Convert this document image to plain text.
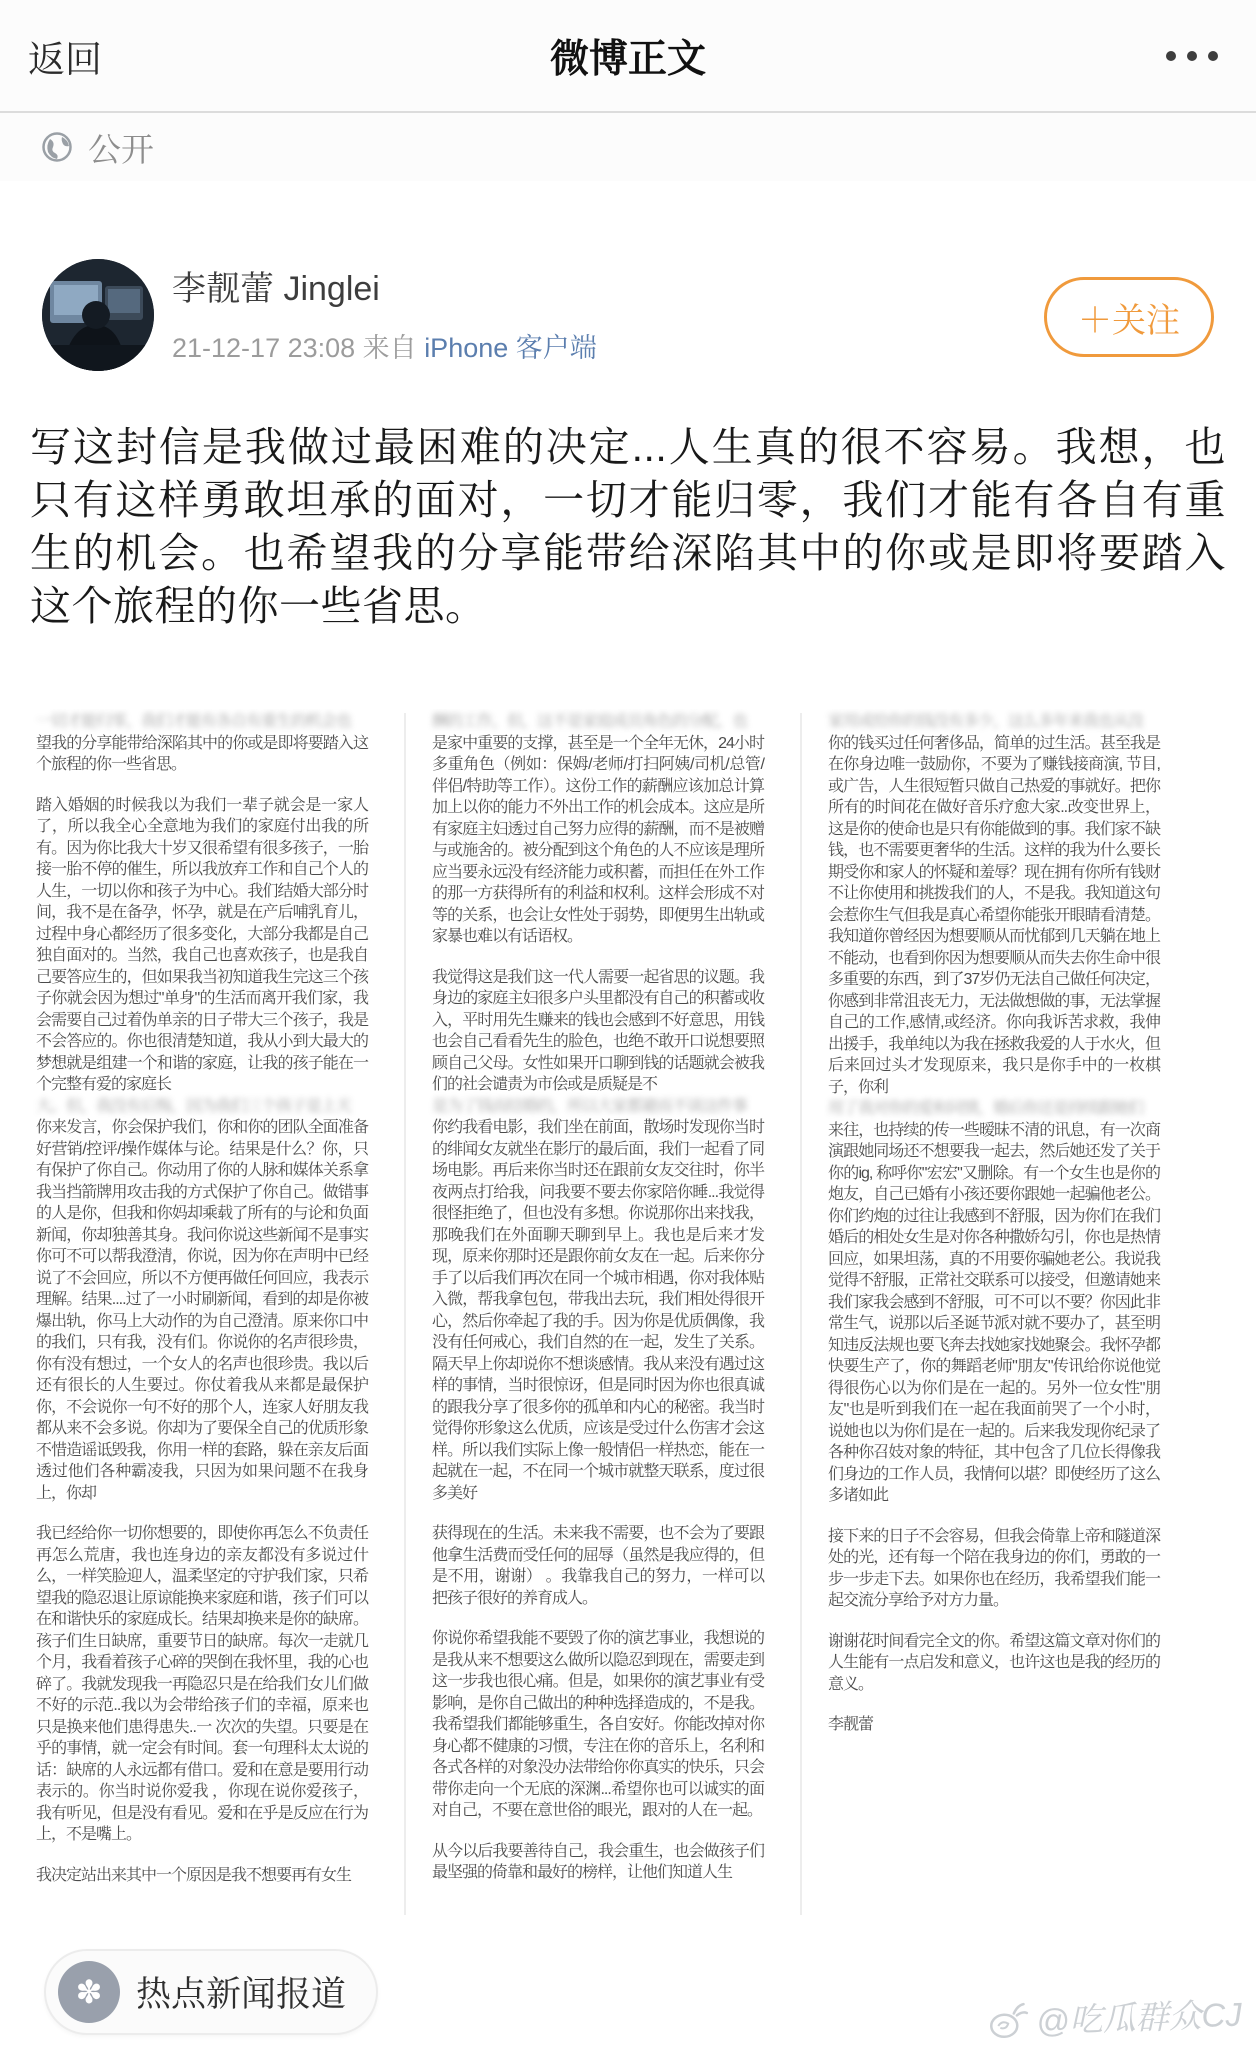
返回	微博正文
公开
李靓蕾 Jinglei
21-12-17 23:08 来自 iPhone 客户端
＋关注
写这封信是我做过最困难的决定...人生真的很不容易。我想，也只有这样勇敢坦承的面对，一切才能归零，我们才能有各自有重生的机会。也希望我的分享能带给深陷其中的你或是即将要踏入这个旅程的你一些省思。

一切才能归零，我们才能有各自有重生的机会也
望我的分享能带给深陷其中的你或是即将要踏入这个旅程的你一些省思。

踏入婚姻的时候我以为我们一辈子就会是一家人了，所以我全心全意地为我们的家庭付出我的所有。因为你比我大十岁又很希望有很多孩子，一胎接一胎不停的催生，所以我放弃工作和自己个人的人生，一切以你和孩子为中心。我们结婚大部分时间，我不是在备孕，怀孕，就是在产后哺乳育儿，过程中身心都经历了很多变化，大部分我都是自己独自面对的。当然，我自己也喜欢孩子，也是我自己要答应生的，但如果我当初知道我生完这三个孩子你就会因为想过"单身"的生活而离开我们家，我会需要自己过着伪单亲的日子带大三个孩子，我是不会答应的。你也很清楚知道，我从小到大最大的梦想就是组建一个和谐的家庭，让我的孩子能在一个完整有爱的家庭长
大。但，我没有后悔，因为我们三个孩子是上天

你来发言，你会保护我们，你和你的团队全面准备好营销/控评/操作媒体与论。结果是什么？你，只有保护了你自己。你动用了你的人脉和媒体关系拿我当挡箭牌用攻击我的方式保护了你自己。做错事的人是你，但我和你妈却乘载了所有的与论和负面新闻，你却独善其身。我问你说这些新闻不是事实你可不可以帮我澄清，你说，因为你在声明中已经说了不会回应，所以不方便再做任何回应，我表示理解。结果....过了一小时刷新闻，看到的却是你被爆出轨，你马上大动作的为自己澄清。原来你口中的我们，只有我，没有们。你说你的名声很珍贵，你有没有想过，一个女人的名声也很珍贵。我以后还有很长的人生要过。你仗着我从来都是最保护你，不会说你一句不好的那个人，连家人好朋友我都从来不会多说。你却为了要保全自己的优质形象不惜造谣诋毁我，你用一样的套路，躲在亲友后面透过他们各种霸凌我，只因为如果问题不在我身上，你却

我已经给你一切你想要的，即使你再怎么不负责任再怎么荒唐，我也连身边的亲友都没有多说过什么，一样笑脸迎人，温柔坚定的守护我们家，只希望我的隐忍退让原谅能换来家庭和谐，孩子们可以在和谐快乐的家庭成长。结果却换来是你的缺席。孩子们生日缺席，重要节日的缺席。每次一走就几个月，我看着孩子心碎的哭倒在我怀里，我的心也碎了。我就发现我一再隐忍只是在给我们女儿们做不好的示范..我以为会带给孩子们的幸福，原来也只是换来他们患得患失..一 次次的失望。只要是在乎的事情，就一定会有时间。套一句理科太太说的话：缺席的人永远都有借口。爱和在意是要用行动表示的。你当时说你爱我 ，你现在说你爱孩子，我有听见，但是没有看见。爱和在乎是反应在行为上，不是嘴上。

我决定站出来其中一个原因是我不想要再有女生

酬的工作，但，这不是家庭成员角色的分配，也
是家中重要的支撑，甚至是一个全年无休，24小时多重角色（例如：保姆/老师/打扫阿姨/司机/总管/伴侣/特助等工作）。这份工作的薪酬应该加总计算加上以你的能力不外出工作的机会成本。这应是所有家庭主妇透过自己努力应得的薪酬，而不是被赠与或施舍的。被分配到这个角色的人不应该是理所应当要永远没有经济能力或积蓄，而担任在外工作的那一方获得所有的利益和权利。这样会形成不对等的关系，也会让女性处于弱势，即便男生出轨或家暴也难以有话语权。

我觉得这是我们这一代人需要一起省思的议题。我身边的家庭主妇很多户头里都没有自己的积蓄或收入，平时用先生赚来的钱也会感到不好意思，用钱也会自己看看先生的脸色，也绝不敢开口说想要照顾自己父母。女性如果开口聊到钱的话题就会被我们的社会谴责为市侩或是质疑是不
是为了钱而结婚的，所以大家都避而不谈这件事

你约我看电影，我们坐在前面，散场时发现你当时的绯闻女友就坐在影厅的最后面，我们一起看了同场电影。再后来你当时还在跟前女友交往时，你半夜两点打给我，问我要不要去你家陪你睡...我觉得很怪拒绝了，但也没有多想。你说那你出来找我，那晚我们在外面聊天聊到早上。我也是后来才发现，原来你那时还是跟你前女友在一起。后来你分手了以后我们再次在同一个城市相遇，你对我体贴入微，帮我拿包包，带我出去玩，我们相处得很开心，然后你牵起了我的手。因为你是优质偶像，我没有任何戒心，我们自然的在一起，发生了关系。隔天早上你却说你不想谈感情。我从来没有遇过这样的事情，当时很惊讶，但是同时因为你也很真诚的跟我分享了很多你的孤单和内心的秘密。我当时觉得你形象这么优质，应该是受过什么伤害才会这样。所以我们实际上像一般情侣一样热恋，能在一起就在一起，不在同一个城市就整天联系，度过很多美好

获得现在的生活。未来我不需要，也不会为了要跟他拿生活费而受任何的屈辱（虽然是我应得的，但是不用，谢谢） 。我靠我自己的努力，一样可以把孩子很好的养育成人。

你说你希望我能不要毁了你的演艺事业，我想说的是我从来不想要这么做所以隐忍到现在，需要走到这一步我也很心痛。但是，如果你的演艺事业有受影响，是你自己做出的种种选择造成的，不是我。我希望我们都能够重生，各自安好。你能改掉对你身心都不健康的习惯，专注在你的音乐上，名利和各式各样的对象没办法带给你你真实的快乐，只会带你走向一个无底的深渊...希望你也可以诚实的面对自己，不要在意世俗的眼光，跟对的人在一起。

从今以后我要善待自己，我会重生，也会做孩子们最坚强的倚靠和最好的榜样，让他们知道人生

家用或给你的钱没有多少，这么多年来我也从没
你的钱买过任何奢侈品，简单的过生活。甚至我是在你身边唯一鼓励你，不要为了赚钱接商演, 节目, 或广告，人生很短暂只做自己热爱的事就好。把你所有的时间花在做好音乐疗愈大家..改变世界上，这是你的使命也是只有你能做到的事。我们家不缺钱，也不需要更奢华的生活。这样的我为什么要长期受你和家人的怀疑和羞辱？现在拥有你所有钱财不让你使用和挑拨我们的人，不是我。我知道这句会惹你生气但我是真心希望你能张开眼睛看清楚。我知道你曾经因为想要顺从而忧郁到几天躺在地上不能动，也看到你因为想要顺从而失去你生命中很多重要的东西，到了37岁仍无法自己做任何决定，你感到非常沮丧无力，无法做想做的事，无法掌握自己的工作,感情,或经济。你向我诉苦求救，我伸出援手，我单纯以为我在拯救我爱的人于水火，但后来回过头才发现原来，我只是你手中的一枚棋子，你利
用了我对你的爱和同情，婚后你还是持续跟她们

来往，也持续的传一些暧昧不清的讯息，有一次商演跟她同场还不想要我一起去，然后她还发了关于你的ig, 称呼你"宏宏"又删除。有一个女生也是你的炮友，自己已婚有小孩还要你跟她一起骗他老公。你们约炮的过往让我感到不舒服，因为你们在我们婚后的相处女生是对你各种撒娇勾引，你也是热情回应，如果坦荡，真的不用要你骗她老公。我说我觉得不舒服，正常社交联系可以接受，但邀请她来我们家我会感到不舒服，可不可以不要？你因此非常生气，说那以后圣诞节派对就不要办了，甚至明知违反法规也要飞奔去找她家找她聚会。我怀孕都快要生产了，你的舞蹈老师"朋友"传讯给你说他觉得很伤心以为你们是在一起的。另外一位女性"朋友"也是听到我们在一起在我面前哭了一个小时，说她也以为你们是在一起的。后来我发现你纪录了各种你召妓对象的特征，其中包含了几位长得像我们身边的工作人员，我情何以堪？即使经历了这么多诸如此

接下来的日子不会容易，但我会倚靠上帝和隧道深处的光，还有每一个陪在我身边的你们，勇敢的一步一步走下去。如果你也在经历，我希望我们能一起交流分享给予对方力量。

谢谢花时间看完全文的你。希望这篇文章对你们的人生能有一点启发和意义，也许这也是我的经历的意义。

李靓蕾

✽ 热点新闻报道
@吃瓜群众CJ
